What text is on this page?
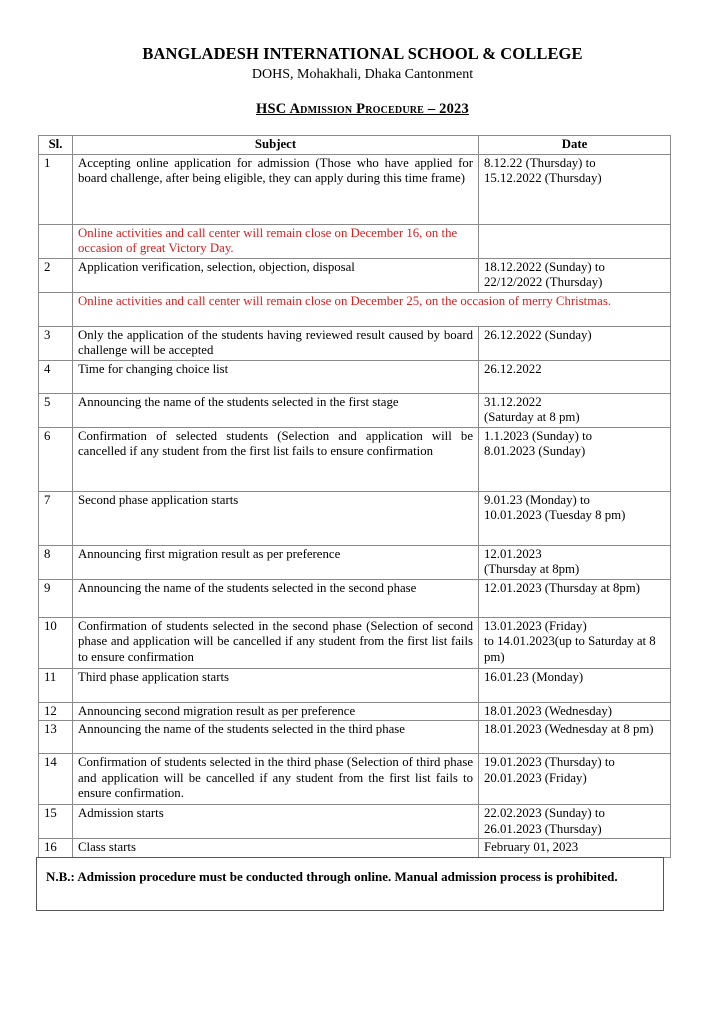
BANGLADESH INTERNATIONAL SCHOOL & COLLEGE
DOHS, Mohakhali, Dhaka Cantonment
HSC Admission Procedure – 2023
Sl.	Subject	Date
1	Accepting online application for admission (Those who have applied for board challenge, after being eligible, they can apply during this time frame)	8.12.22 (Thursday) to
15.12.2022 (Thursday)

	Online activities and call center will remain close on December 16, on the occasion of great Victory Day.	
2	Application verification, selection, objection, disposal	18.12.2022 (Sunday) to
22/12/2022 (Thursday)

	Online activities and call center will remain close on December 25, on the occasion of merry Christmas.	
3	Only the application of the students having reviewed result caused by board challenge will be accepted	26.12.2022 (Sunday)

4	Time for changing choice list	26.12.2022

5	Announcing the name of the students selected in the first stage	31.12.2022
(Saturday at 8 pm)

6	Confirmation of selected students (Selection and application will be cancelled if any student from the first list fails to ensure confirmation	1.1.2023 (Sunday) to
8.01.2023 (Sunday)

7	Second phase application starts	9.01.23 (Monday) to
10.01.2023 (Tuesday 8 pm)

8	Announcing first migration result as per preference	12.01.2023
(Thursday at 8pm)

9	Announcing the name of the students selected in the second phase	12.01.2023 (Thursday at 8pm)

10	Confirmation of students selected in the second phase (Selection of second phase and application will be cancelled if any student from the first list fails to ensure confirmation	13.01.2023 (Friday)
to 14.01.2023(up to Saturday at 8 pm)

11	Third phase application starts	16.01.23 (Monday)

12	Announcing second migration result as per preference	18.01.2023 (Wednesday)

13	Announcing the name of the students selected in the third phase	18.01.2023 (Wednesday at 8 pm)

14	Confirmation of students selected in the third phase (Selection of third phase and application will be cancelled if any student from the first list fails to ensure confirmation.	19.01.2023 (Thursday) to
20.01.2023 (Friday)

15	Admission starts	22.02.2023 (Sunday) to
26.01.2023 (Thursday)

16	Class starts	February 01, 2023
N.B.: Admission procedure must be conducted through online. Manual admission process is prohibited.
